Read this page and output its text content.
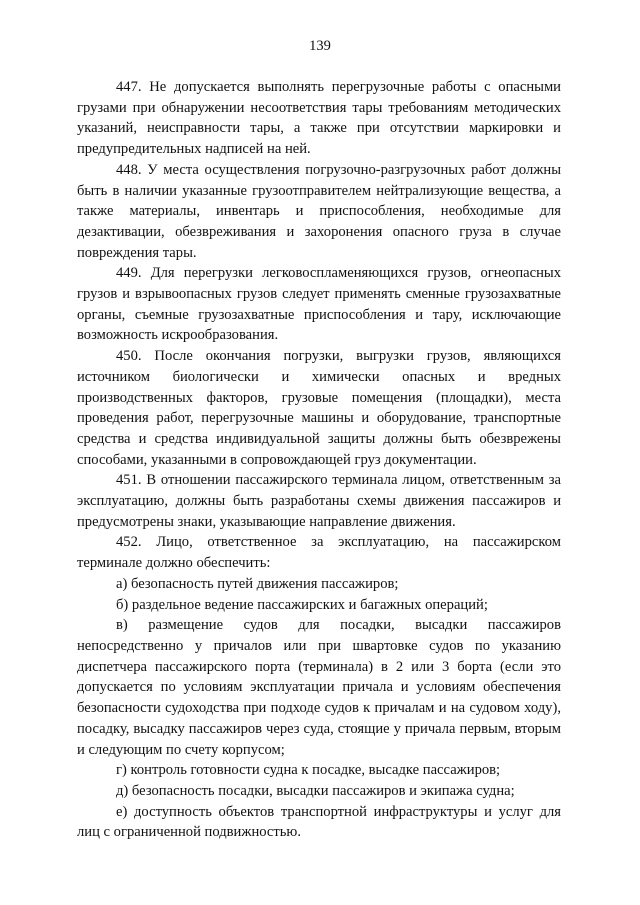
139

447. Не допускается выполнять перегрузочные работы с опасными грузами при обнаружении несоответствия тары требованиям методических указаний, неисправности тары, а также при отсутствии маркировки и предупредительных надписей на ней.

448. У места осуществления погрузочно-разгрузочных работ должны быть в наличии указанные грузоотправителем нейтрализующие вещества, а также материалы, инвентарь и приспособления, необходимые для дезактивации, обезвреживания и захоронения опасного груза в случае повреждения тары.

449. Для перегрузки легковоспламеняющихся грузов, огнеопасных грузов и взрывоопасных грузов следует применять сменные грузозахватные органы, съемные грузозахватные приспособления и тару, исключающие возможность искрообразования.

450. После окончания погрузки, выгрузки грузов, являющихся источником биологически и химически опасных и вредных производственных факторов, грузовые помещения (площадки), места проведения работ, перегрузочные машины и оборудование, транспортные средства и средства индивидуальной защиты должны быть обезврежены способами, указанными в сопровождающей груз документации.

451. В отношении пассажирского терминала лицом, ответственным за эксплуатацию, должны быть разработаны схемы движения пассажиров и предусмотрены знаки, указывающие направление движения.

452. Лицо, ответственное за эксплуатацию, на пассажирском терминале должно обеспечить:

а) безопасность путей движения пассажиров;

б) раздельное ведение пассажирских и багажных операций;

в) размещение судов для посадки, высадки пассажиров непосредственно у причалов или при швартовке судов по указанию диспетчера пассажирского порта (терминала) в 2 или 3 борта (если это допускается по условиям эксплуатации причала и условиям обеспечения безопасности судоходства при подходе судов к причалам и на судовом ходу), посадку, высадку пассажиров через суда, стоящие у причала первым, вторым и следующим по счету корпусом;

г) контроль готовности судна к посадке, высадке пассажиров;

д) безопасность посадки, высадки пассажиров и экипажа судна;

е) доступность объектов транспортной инфраструктуры и услуг для лиц с ограниченной подвижностью.
